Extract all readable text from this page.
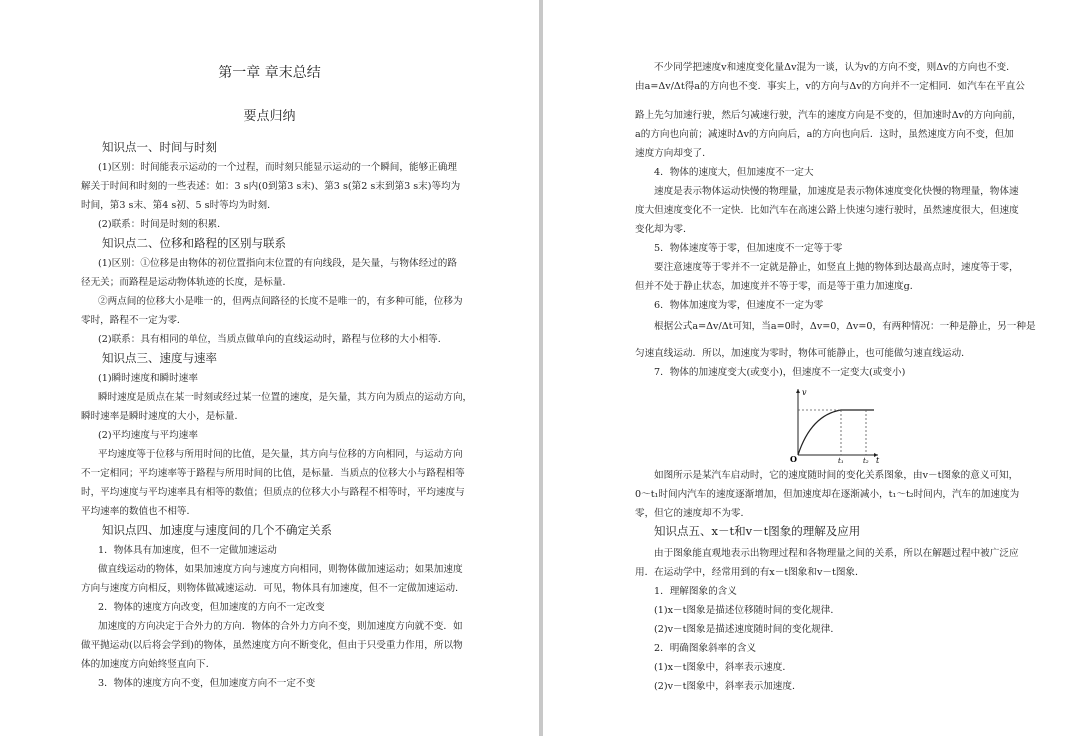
第一章 章末总结
要点归纳
知识点一、时间与时刻
(1)区别：时间能表示运动的一个过程，而时刻只能显示运动的一个瞬间，能够正确理
解关于时间和时刻的一些表述：如：3 s内(0到第3 s末)、第3 s(第2 s末到第3 s末)等均为
时间，第3 s末、第4 s初、5 s时等均为时刻．
(2)联系：时间是时刻的积累．
知识点二、位移和路程的区别与联系
(1)区别：①位移是由物体的初位置指向末位置的有向线段，是矢量，与物体经过的路
径无关；而路程是运动物体轨迹的长度，是标量．
②两点间的位移大小是唯一的，但两点间路径的长度不是唯一的，有多种可能，位移为
零时，路程不一定为零．
(2)联系：具有相同的单位，当质点做单向的直线运动时，路程与位移的大小相等．
知识点三、速度与速率
(1)瞬时速度和瞬时速率
瞬时速度是质点在某一时刻或经过某一位置的速度，是矢量，其方向为质点的运动方向，
瞬时速率是瞬时速度的大小，是标量．
(2)平均速度与平均速率
平均速度等于位移与所用时间的比值，是矢量，其方向与位移的方向相同，与运动方向
不一定相同；平均速率等于路程与所用时间的比值，是标量．当质点的位移大小与路程相等
时，平均速度与平均速率具有相等的数值；但质点的位移大小与路程不相等时，平均速度与
平均速率的数值也不相等．
知识点四、加速度与速度间的几个不确定关系
1．物体具有加速度，但不一定做加速运动
做直线运动的物体，如果加速度方向与速度方向相同，则物体做加速运动；如果加速度
方向与速度方向相反，则物体做减速运动．可见，物体具有加速度，但不一定做加速运动．
2．物体的速度方向改变，但加速度的方向不一定改变
加速度的方向决定于合外力的方向．物体的合外力方向不变，则加速度方向就不变．如
做平抛运动(以后将会学到)的物体，虽然速度方向不断变化，但由于只受重力作用，所以物
体的加速度方向始终竖直向下．
3．物体的速度方向不变，但加速度方向不一定不变
不少同学把速度v和速度变化量Δv混为一谈，认为v的方向不变，则Δv的方向也不变．
由a=Δv/Δt得a的方向也不变．事实上，v的方向与Δv的方向并不一定相同．如汽车在平直公
路上先匀加速行驶，然后匀减速行驶，汽车的速度方向是不变的，但加速时Δv的方向向前，
a的方向也向前；减速时Δv的方向向后，a的方向也向后．这时，虽然速度方向不变，但加
速度方向却变了．
4．物体的速度大，但加速度不一定大
速度是表示物体运动快慢的物理量，加速度是表示物体速度变化快慢的物理量，物体速
度大但速度变化不一定快．比如汽车在高速公路上快速匀速行驶时，虽然速度很大，但速度
变化却为零．
5．物体速度等于零，但加速度不一定等于零
要注意速度等于零并不一定就是静止，如竖直上抛的物体到达最高点时，速度等于零，
但并不处于静止状态，加速度并不等于零，而是等于重力加速度g．
6．物体加速度为零，但速度不一定为零
根据公式a=Δv/Δt可知，当a=0时，Δv=0，Δv=0，有两种情况：一种是静止，另一种是
匀速直线运动．所以，加速度为零时，物体可能静止，也可能做匀速直线运动．
7．物体的加速度变大(或变小)，但速度不一定变大(或变小)
v
O	t₁	t₂ t
如图所示是某汽车启动时，它的速度随时间的变化关系图象，由v－t图象的意义可知，
0～t₁时间内汽车的速度逐渐增加，但加速度却在逐渐减小，t₁～t₂时间内，汽车的加速度为
零，但它的速度却不为零．
知识点五、x－t和v－t图象的理解及应用
由于图象能直观地表示出物理过程和各物理量之间的关系，所以在解题过程中被广泛应
用．在运动学中，经常用到的有x－t图象和v－t图象．
1．理解图象的含义
(1)x－t图象是描述位移随时间的变化规律．
(2)v－t图象是描述速度随时间的变化规律．
2．明确图象斜率的含义
(1)x－t图象中，斜率表示速度．
(2)v－t图象中，斜率表示加速度．
